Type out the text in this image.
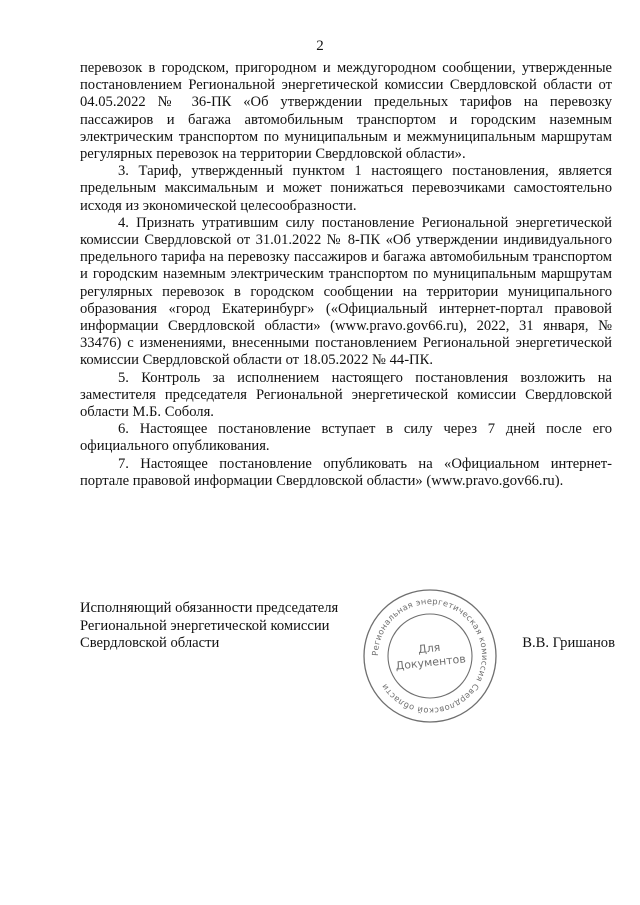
2

перевозок в городском, пригородном и междугородном сообщении, утвержденные постановлением Региональной энергетической комиссии Свердловской области от 04.05.2022 № 36-ПК «Об утверждении предельных тарифов на перевозку пассажиров и багажа автомобильным транспортом и городским наземным электрическим транспортом по муниципальным и межмуниципальным маршрутам регулярных перевозок на территории Свердловской области».

3. Тариф, утвержденный пунктом 1 настоящего постановления, является предельным максимальным и может понижаться перевозчиками самостоятельно исходя из экономической целесообразности.

4. Признать утратившим силу постановление Региональной энергетической комиссии Свердловской от 31.01.2022 № 8-ПК «Об утверждении индивидуального предельного тарифа на перевозку пассажиров и багажа автомобильным транспортом и городским наземным электрическим транспортом по муниципальным маршрутам регулярных перевозок в городском сообщении на территории муниципального образования «город Екатеринбург» («Официальный интернет-портал правовой информации Свердловской области» (www.pravo.gov66.ru), 2022, 31 января, № 33476) с изменениями, внесенными постановлением Региональной энергетической комиссии Свердловской области от 18.05.2022 № 44-ПК.

5. Контроль за исполнением настоящего постановления возложить на заместителя председателя Региональной энергетической комиссии Свердловской области М.Б. Соболя.

6. Настоящее постановление вступает в силу через 7 дней после его официального опубликования.

7. Настоящее постановление опубликовать на «Официальном интернет-портале правовой информации Свердловской области» (www.pravo.gov66.ru).

Исполняющий обязанности председателя
Региональной энергетической комиссии
Свердловской области
Региональная энергетическая комиссия Свердловской области
Для
Документов
В.В. Гришанов
